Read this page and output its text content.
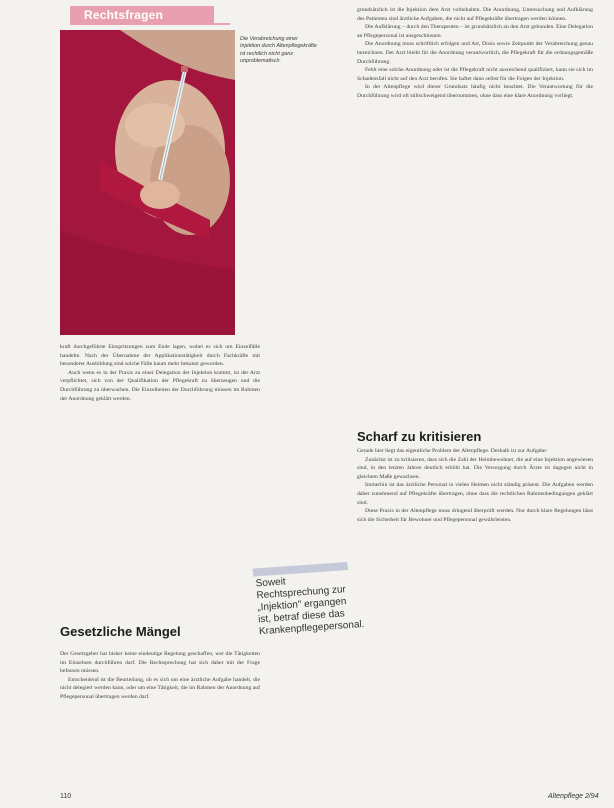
Rechtsfragen
Die Verabreichung einer Injektion durch Altenpflegekräfte ist rechtlich nicht ganz unproblematisch.

kraft durchgeführte Einspritzungen zum Ende lagen, wobei es sich um Einzelfälle handelte. Nach der Übernahme der Applikationstätigkeit durch Fachkräfte mit besonderer Ausbildung sind solche Fälle kaum mehr bekannt geworden.

Auch wenn es in der Praxis zu einer Delegation der Injektion kommt, ist der Arzt verpflichtet, sich von der Qualifikation der Pflegekraft zu überzeugen und die Durchführung zu überwachen. Die Einzelheiten der Durchführung müssen im Rahmen der Anordnung geklärt werden.

Gesetzliche Mängel

Der Gesetzgeber hat bisher keine eindeutige Regelung geschaffen, wer die Tätigkeiten im Einzelnen durchführen darf. Die Rechtsprechung hat sich daher mit der Frage befassen müssen.

Entscheidend ist die Beurteilung, ob es sich um eine ärztliche Aufgabe handelt, die nicht delegiert werden kann, oder um eine Tätigkeit, die im Rahmen der Anordnung auf Pflegepersonal übertragen werden darf.

Soweit Rechtsprechung zur „Injektion" ergangen ist, betraf diese das Krankenpflegepersonal.

grundsätzlich ist die Injektion dem Arzt vorbehalten. Die Anordnung, Untersuchung und Aufklärung des Patienten sind ärztliche Aufgaben, die nicht auf Pflegekräfte übertragen werden können.

Die Aufklärung – durch den Therapeuten – ist grundsätzlich an den Arzt gebunden. Eine Delegation an Pflegepersonal ist ausgeschlossen.

Die Anordnung muss schriftlich erfolgen und Art, Dosis sowie Zeitpunkt der Verabreichung genau bezeichnen. Der Arzt bleibt für die Anordnung verantwortlich, die Pflegekraft für die ordnungsgemäße Durchführung.

Fehlt eine solche Anordnung oder ist die Pflegekraft nicht ausreichend qualifiziert, kann sie sich im Schadensfall nicht auf den Arzt berufen. Sie haftet dann selbst für die Folgen der Injektion.

In der Altenpflege wird dieser Grundsatz häufig nicht beachtet. Die Verantwortung für die Durchführung wird oft stillschweigend übernommen, ohne dass eine klare Anordnung vorliegt.

Scharf zu kritisieren

Gerade hier liegt das eigentliche Problem der Altenpflege. Deshalb ist zur Aufgabe:

Zunächst ist zu kritisieren, dass sich die Zahl der Heimbewohner, die auf eine Injektion angewiesen sind, in den letzten Jahren deutlich erhöht hat. Die Versorgung durch Ärzte ist dagegen nicht in gleichem Maße gewachsen.

Immerhin ist das ärztliche Personal in vielen Heimen nicht ständig präsent. Die Aufgaben werden daher zunehmend auf Pflegekräfte übertragen, ohne dass die rechtlichen Rahmenbedingungen geklärt sind.

Diese Praxis in der Altenpflege muss dringend überprüft werden. Nur durch klare Regelungen lässt sich die Sicherheit für Bewohner und Pflegepersonal gewährleisten.

110	Altenpflege 2/94
